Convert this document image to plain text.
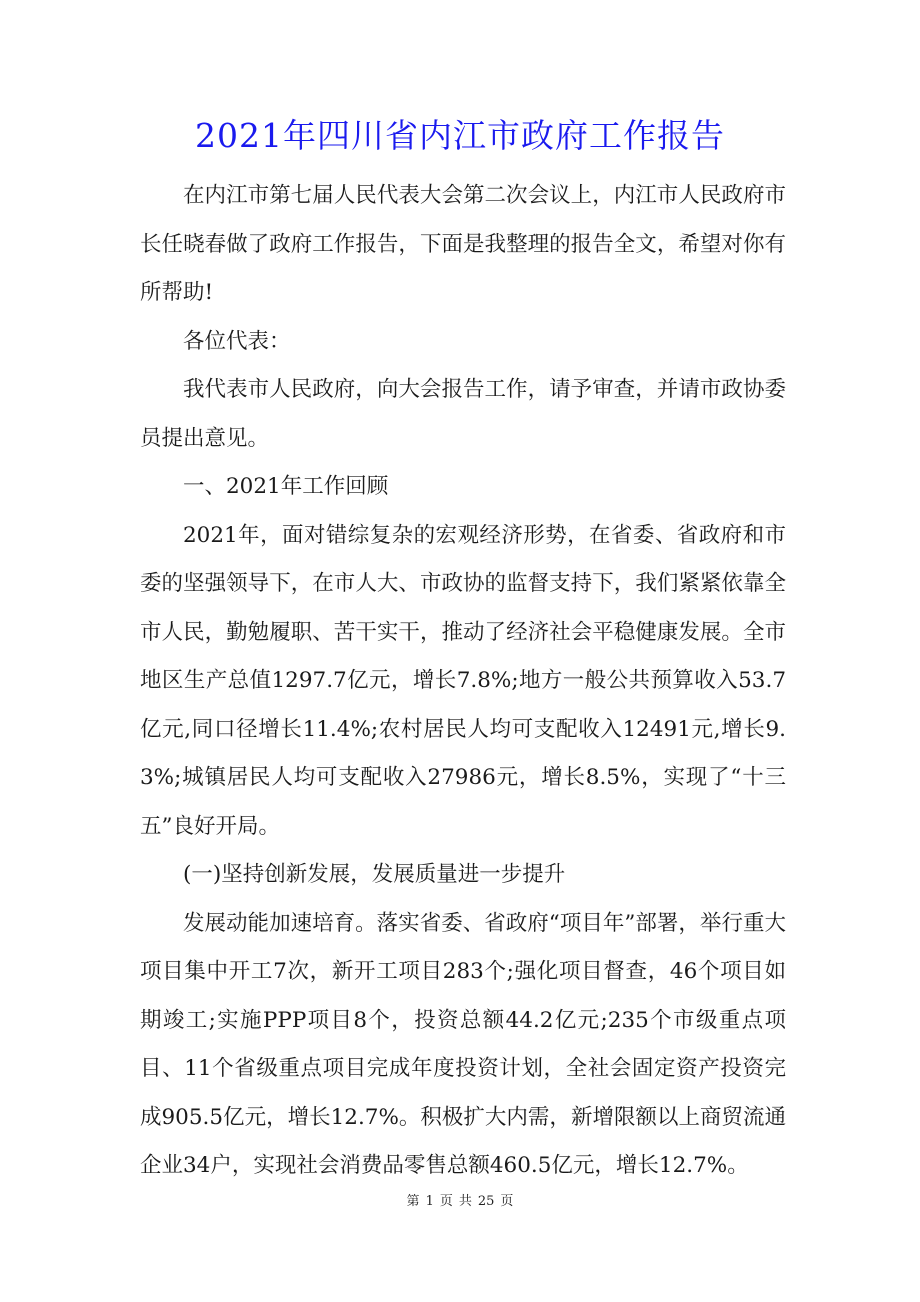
2021年四川省内江市政府工作报告

在内江市第七届人民代表大会第二次会议上，内江市人民政府市长任晓春做了政府工作报告，下面是我整理的报告全文，希望对你有所帮助!

各位代表：

我代表市人民政府，向大会报告工作，请予审查，并请市政协委员提出意见。

一、2021年工作回顾

2021年，面对错综复杂的宏观经济形势，在省委、省政府和市委的坚强领导下，在市人大、市政协的监督支持下，我们紧紧依靠全市人民，勤勉履职、苦干实干，推动了经济社会平稳健康发展。全市地区生产总值1297.7亿元，增长7.8%;地方一般公共预算收入53.7亿元,同口径增长11.4%;农村居民人均可支配收入12491元,增长9.3%;城镇居民人均可支配收入27986元，增长8.5%，实现了“十三五”良好开局。

(一)坚持创新发展，发展质量进一步提升

发展动能加速培育。落实省委、省政府“项目年”部署，举行重大项目集中开工7次，新开工项目283个;强化项目督查，46个项目如期竣工;实施PPP项目8个，投资总额44.2亿元;235个市级重点项目、11个省级重点项目完成年度投资计划，全社会固定资产投资完成905.5亿元，增长12.7%。积极扩大内需，新增限额以上商贸流通企业34户，实现社会消费品零售总额460.5亿元，增长12.7%。

第 1 页 共 25 页
